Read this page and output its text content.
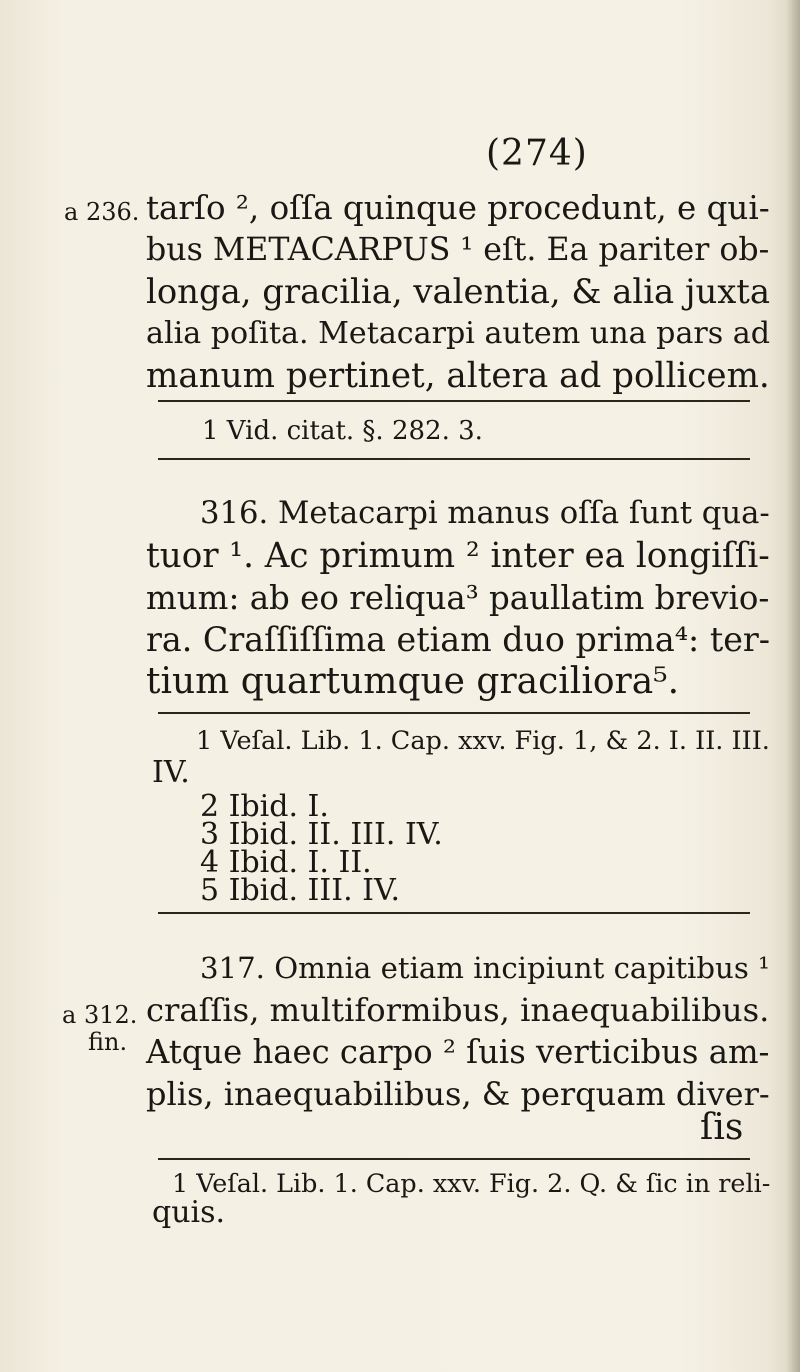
(274)
a 236.
a 312.
fin.
tarſo ², oſſa quinque procedunt, e qui-
bus METACARPUS ¹ eſt. Ea pariter ob-
longa, gracilia, valentia, & alia juxta
alia poſita. Metacarpi autem una pars ad
manum pertinet, altera ad pollicem.
1 Vid. citat. §. 282. 3.
316. Metacarpi manus oſſa ſunt qua-
tuor ¹. Ac primum ² inter ea longiſſi-
mum: ab eo reliqua³ paullatim brevio-
ra. Craſſiſſima etiam duo prima⁴: ter-
tium quartumque graciliora⁵.
1 Veſal. Lib. 1. Cap. xxv. Fig. 1, & 2. I. II. III.
IV.
2 Ibid. I.
3 Ibid. II. III. IV.
4 Ibid. I. II.
5 Ibid. III. IV.
317. Omnia etiam incipiunt capitibus ¹
craſſis, multiformibus, inaequabilibus.
Atque haec carpo ² ſuis verticibus am-
plis, inaequabilibus, & perquam diver-
ſis
1 Veſal. Lib. 1. Cap. xxv. Fig. 2. Q. & ſic in reli-
quis.
